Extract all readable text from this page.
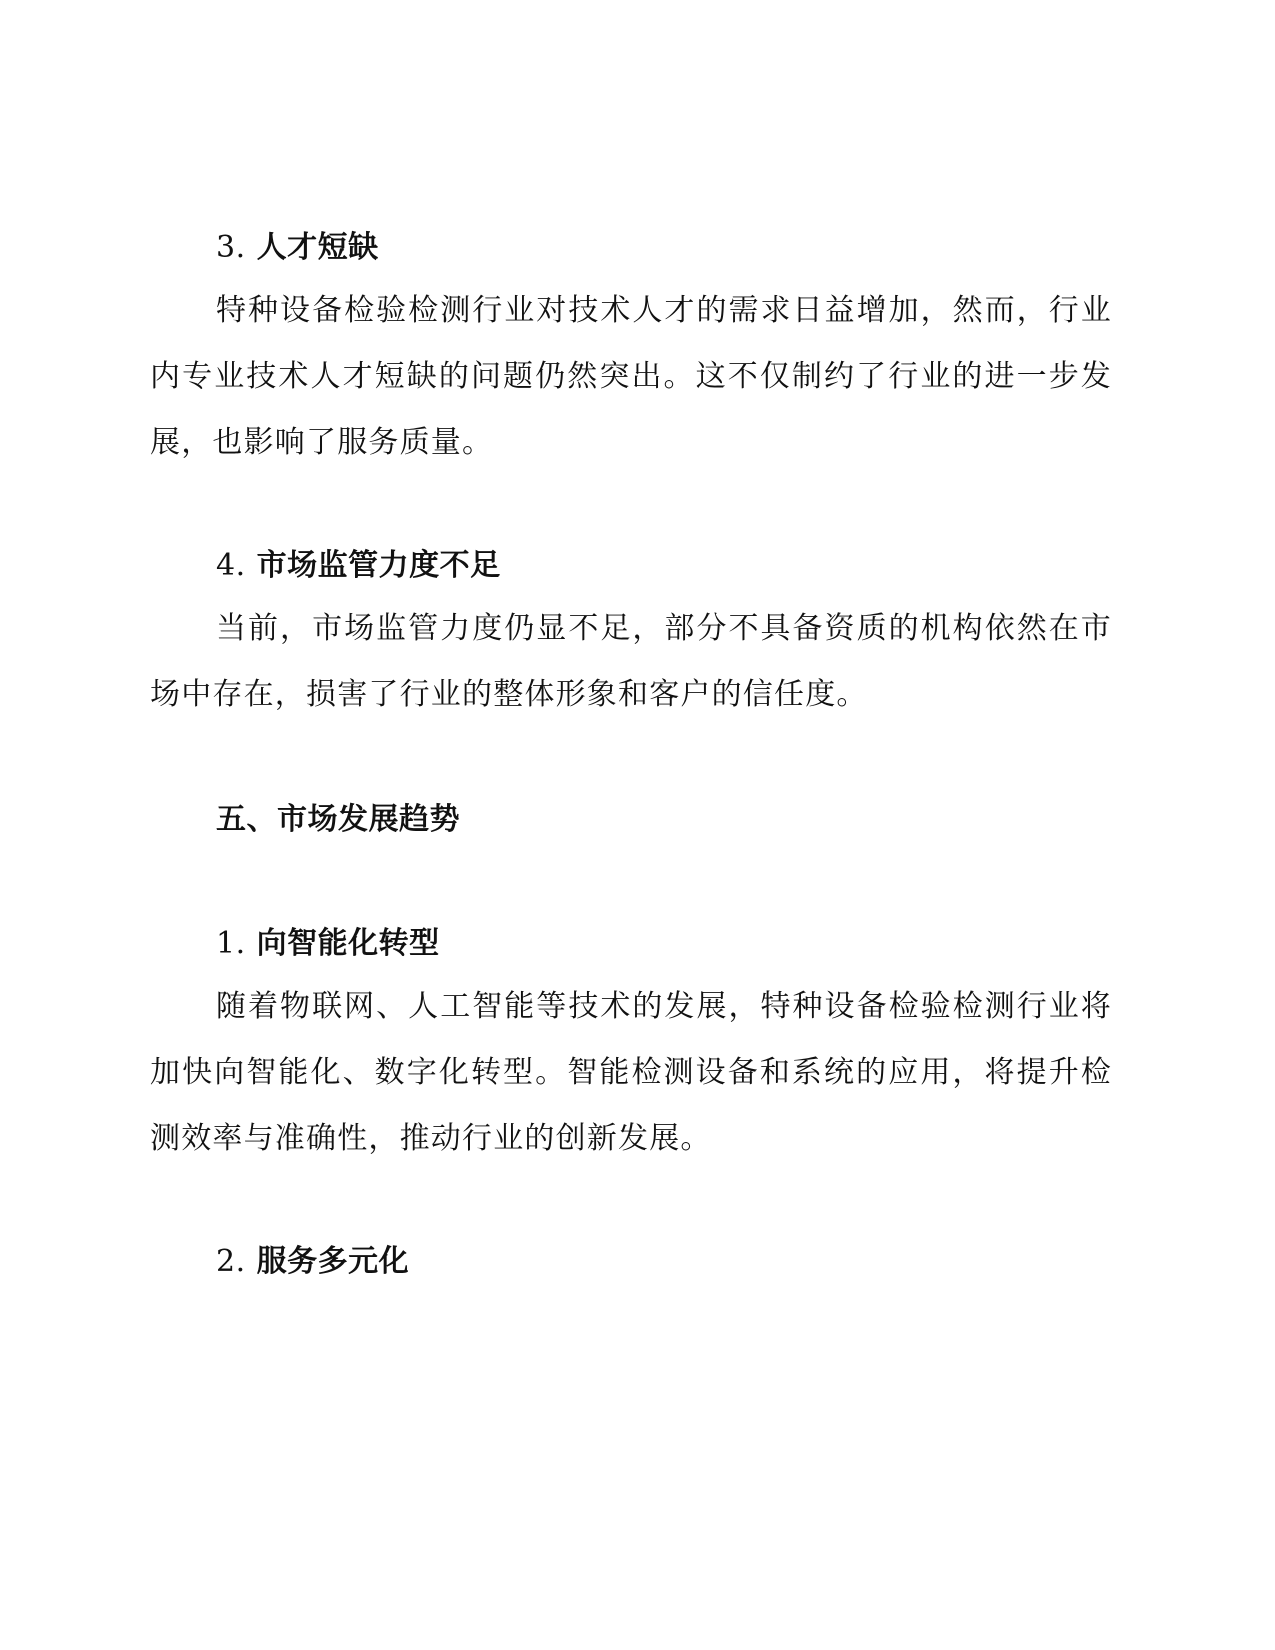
3. 人才短缺
特种设备检验检测行业对技术人才的需求日益增加，然而，行业内专业技术人才短缺的问题仍然突出。这不仅制约了行业的进一步发展，也影响了服务质量。
4. 市场监管力度不足
当前，市场监管力度仍显不足，部分不具备资质的机构依然在市场中存在，损害了行业的整体形象和客户的信任度。
五、市场发展趋势
1. 向智能化转型
随着物联网、人工智能等技术的发展，特种设备检验检测行业将加快向智能化、数字化转型。智能检测设备和系统的应用，将提升检测效率与准确性，推动行业的创新发展。
2. 服务多元化
